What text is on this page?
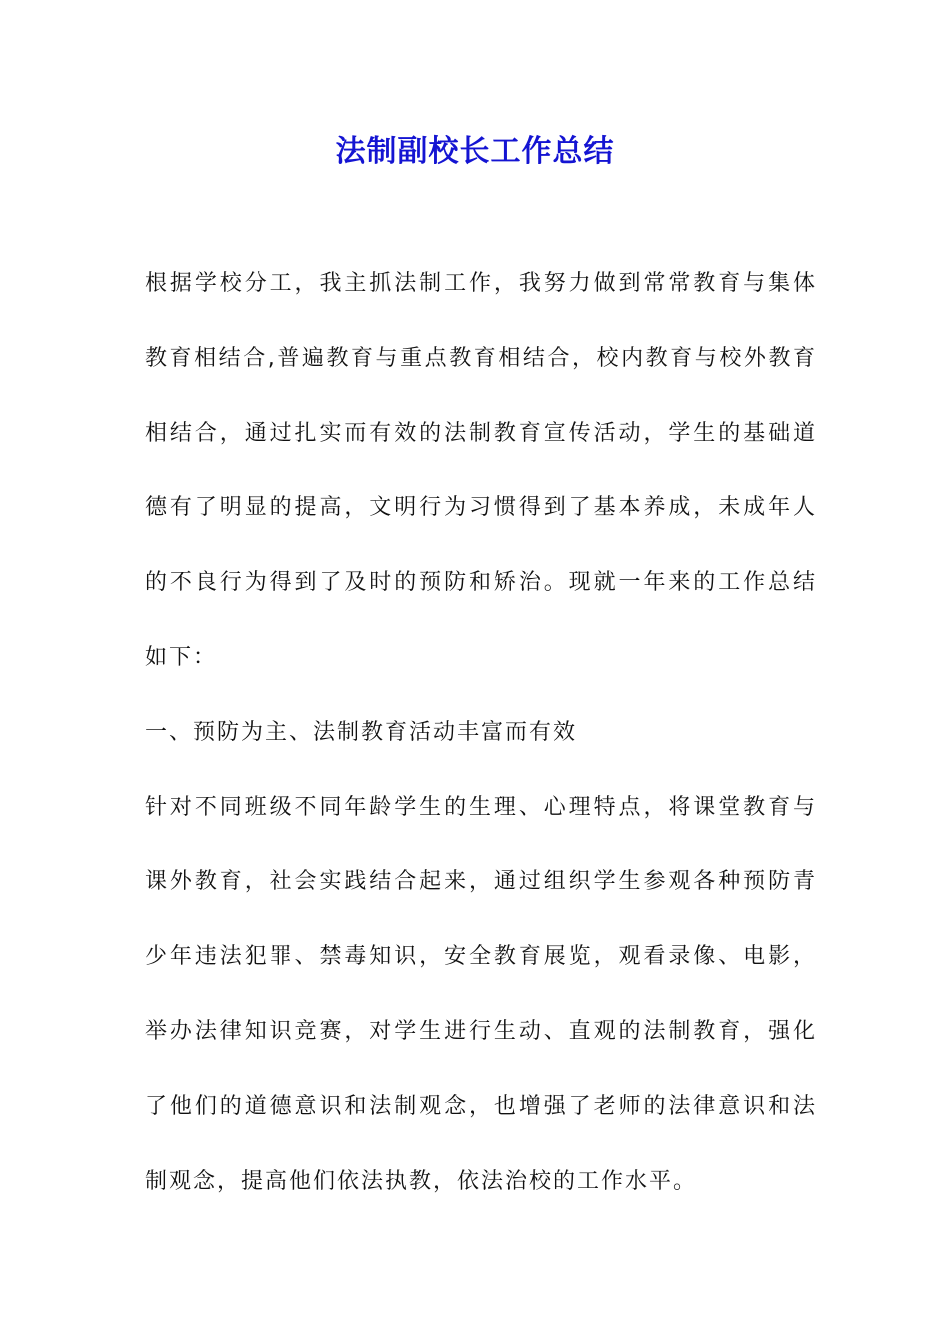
法制副校长工作总结

根据学校分工，我主抓法制工作，我努力做到常常教育与集体

教育相结合,普遍教育与重点教育相结合，校内教育与校外教育

相结合，通过扎实而有效的法制教育宣传活动，学生的基础道

德有了明显的提高，文明行为习惯得到了基本养成，未成年人

的不良行为得到了及时的预防和矫治。现就一年来的工作总结

如下：

一、预防为主、法制教育活动丰富而有效

针对不同班级不同年龄学生的生理、心理特点，将课堂教育与

课外教育，社会实践结合起来，通过组织学生参观各种预防青

少年违法犯罪、禁毒知识，安全教育展览，观看录像、电影，

举办法律知识竞赛，对学生进行生动、直观的法制教育，强化

了他们的道德意识和法制观念，也增强了老师的法律意识和法

制观念，提高他们依法执教，依法治校的工作水平。
